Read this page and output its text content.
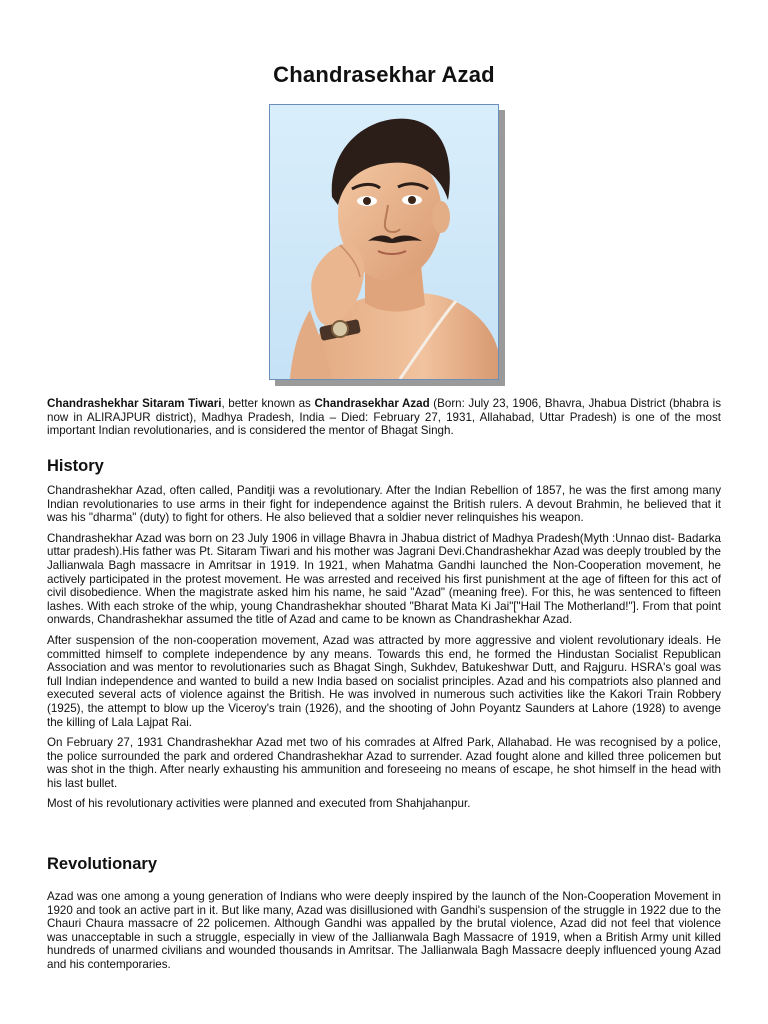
Chandrasekhar Azad

Chandrashekhar Sitaram Tiwari, better known as Chandrasekhar Azad (Born: July 23, 1906, Bhavra, Jhabua District (bhabra is now in ALIRAJPUR district), Madhya Pradesh, India – Died: February 27, 1931, Allahabad, Uttar Pradesh) is one of the most important Indian revolutionaries, and is considered the mentor of Bhagat Singh.

History

Chandrashekhar Azad, often called, Panditji was a revolutionary. After the Indian Rebellion of 1857, he was the first among many Indian revolutionaries to use arms in their fight for independence against the British rulers. A devout Brahmin, he believed that it was his "dharma" (duty) to fight for others. He also believed that a soldier never relinquishes his weapon.

Chandrashekhar Azad was born on 23 July 1906 in village Bhavra in Jhabua district of Madhya Pradesh(Myth :Unnao dist- Badarka uttar pradesh).His father was Pt. Sitaram Tiwari and his mother was Jagrani Devi.Chandrashekhar Azad was deeply troubled by the Jallianwala Bagh massacre in Amritsar in 1919. In 1921, when Mahatma Gandhi launched the Non-Cooperation movement, he actively participated in the protest movement. He was arrested and received his first punishment at the age of fifteen for this act of civil disobedience. When the magistrate asked him his name, he said "Azad" (meaning free). For this, he was sentenced to fifteen lashes. With each stroke of the whip, young Chandrashekhar shouted "Bharat Mata Ki Jai"["Hail The Motherland!"]. From that point onwards, Chandrashekhar assumed the title of Azad and came to be known as Chandrashekhar Azad.

After suspension of the non-cooperation movement, Azad was attracted by more aggressive and violent revolutionary ideals. He committed himself to complete independence by any means. Towards this end, he formed the Hindustan Socialist Republican Association and was mentor to revolutionaries such as Bhagat Singh, Sukhdev, Batukeshwar Dutt, and Rajguru. HSRA's goal was full Indian independence and wanted to build a new India based on socialist principles. Azad and his compatriots also planned and executed several acts of violence against the British. He was involved in numerous such activities like the Kakori Train Robbery (1925), the attempt to blow up the Viceroy's train (1926), and the shooting of John Poyantz Saunders at Lahore (1928) to avenge the killing of Lala Lajpat Rai.

On February 27, 1931 Chandrashekhar Azad met two of his comrades at Alfred Park, Allahabad. He was recognised by a police, the police surrounded the park and ordered Chandrashekhar Azad to surrender. Azad fought alone and killed three policemen but was shot in the thigh. After nearly exhausting his ammunition and foreseeing no means of escape, he shot himself in the head with his last bullet.

Most of his revolutionary activities were planned and executed from Shahjahanpur.

Revolutionary

Azad was one among a young generation of Indians who were deeply inspired by the launch of the Non-Cooperation Movement in 1920 and took an active part in it. But like many, Azad was disillusioned with Gandhi's suspension of the struggle in 1922 due to the Chauri Chaura massacre of 22 policemen. Although Gandhi was appalled by the brutal violence, Azad did not feel that violence was unacceptable in such a struggle, especially in view of the Jallianwala Bagh Massacre of 1919, when a British Army unit killed hundreds of unarmed civilians and wounded thousands in Amritsar. The Jallianwala Bagh Massacre deeply influenced young Azad and his contemporaries.
